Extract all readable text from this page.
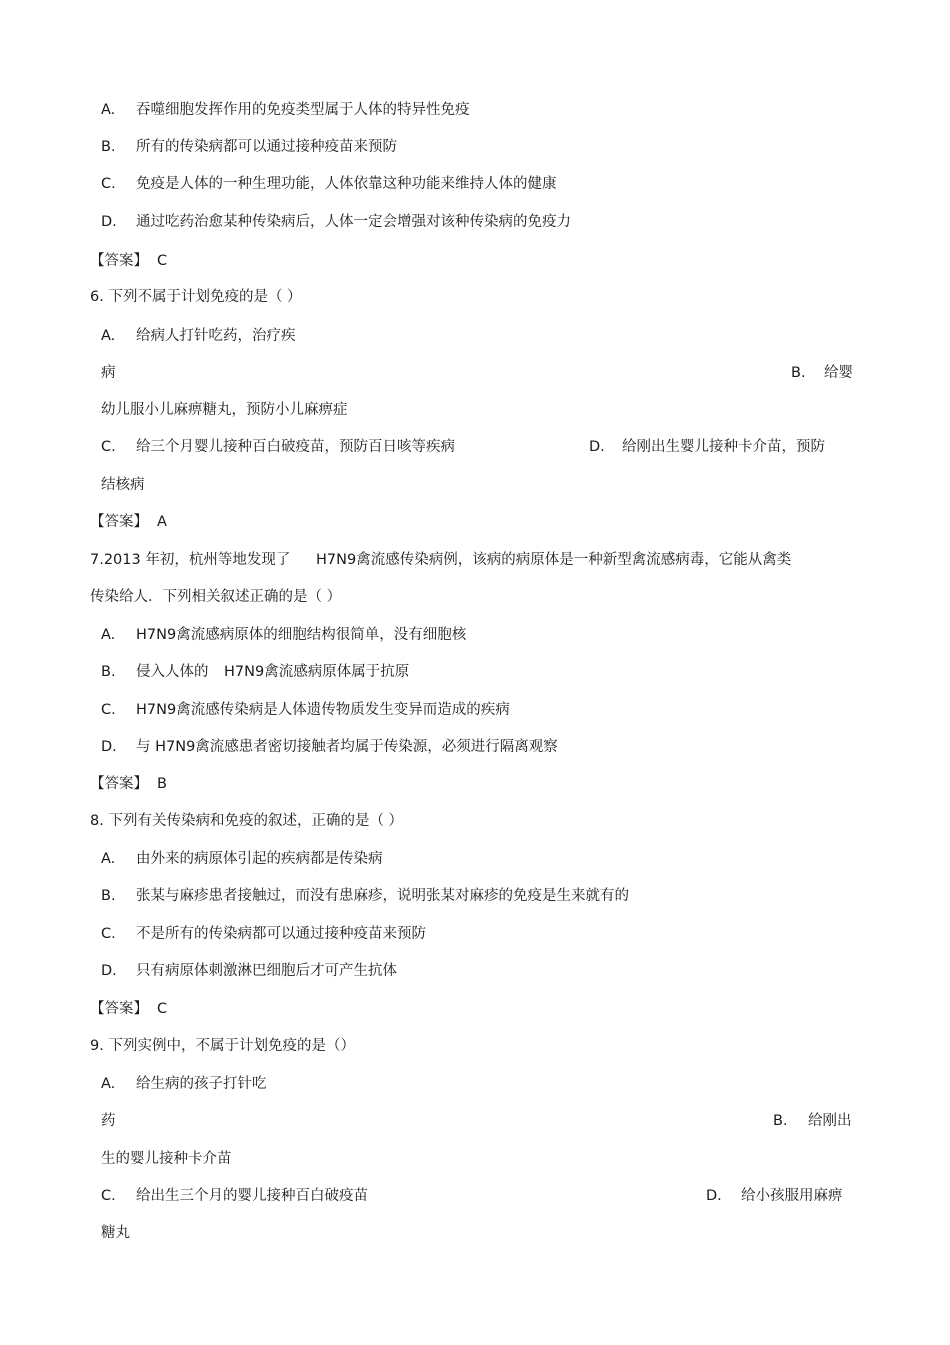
A. 吞噬细胞发挥作用的免疫类型属于人体的特异性免疫
B. 所有的传染病都可以通过接种疫苗来预防
C. 免疫是人体的一种生理功能，人体依靠这种功能来维持人体的健康
D. 通过吃药治愈某种传染病后，人体一定会增强对该种传染病的免疫力
【答案】 C
6. 下列不属于计划免疫的是（ ）
A. 给病人打针吃药，治疗疾
病	B. 给婴
幼儿服小儿麻痹糖丸，预防小儿麻痹症
C. 给三个月婴儿接种百白破疫苗，预防百日咳等疾病	D. 给刚出生婴儿接种卡介苗，预防
结核病
【答案】 A
7.2013 年初，杭州等地发现了 H7N9禽流感传染病例，该病的病原体是一种新型禽流感病毒，它能从禽类
传染给人．下列相关叙述正确的是（ ）
A. H7N9禽流感病原体的细胞结构很简单，没有细胞核
B. 侵入人体的 H7N9禽流感病原体属于抗原
C. H7N9禽流感传染病是人体遗传物质发生变异而造成的疾病
D. 与 H7N9禽流感患者密切接触者均属于传染源，必须进行隔离观察
【答案】 B
8. 下列有关传染病和免疫的叙述，正确的是（ ）
A. 由外来的病原体引起的疾病都是传染病
B. 张某与麻疹患者接触过，而没有患麻疹，说明张某对麻疹的免疫是生来就有的
C. 不是所有的传染病都可以通过接种疫苗来预防
D. 只有病原体刺激淋巴细胞后才可产生抗体
【答案】 C
9. 下列实例中，不属于计划免疫的是（）
A. 给生病的孩子打针吃
药	B. 给刚出
生的婴儿接种卡介苗
C. 给出生三个月的婴儿接种百白破疫苗	D. 给小孩服用麻痹
糖丸
